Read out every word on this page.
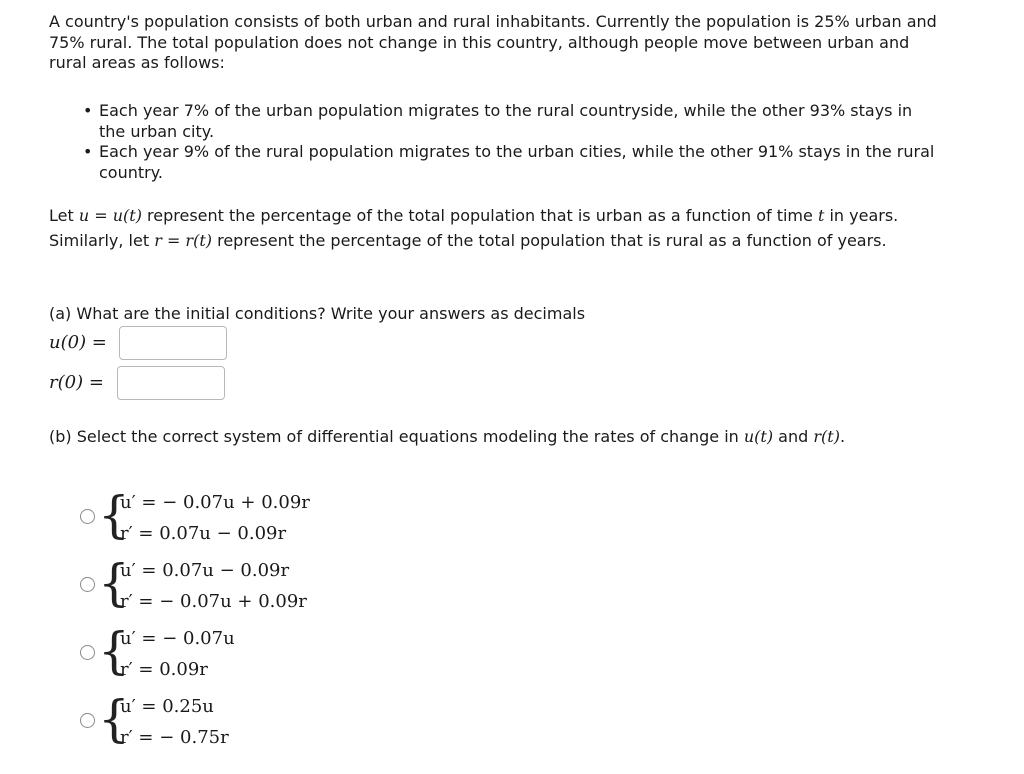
A country's population consists of both urban and rural inhabitants. Currently the population is 25% urban and 75% rural. The total population does not change in this country, although people move between urban and rural areas as follows:
• Each year 7% of the urban population migrates to the rural countryside, while the other 93% stays in the urban city.
• Each year 9% of the rural population migrates to the urban cities, while the other 91% stays in the rural country.
Let u = u(t) represent the percentage of the total population that is urban as a function of time t in years. Similarly, let r = r(t) represent the percentage of the total population that is rural as a function of years.
(a) What are the initial conditions? Write your answers as decimals
u(0) =
r(0) =
(b) Select the correct system of differential equations modeling the rates of change in u(t) and r(t).
{
u′ = − 0.07u + 0.09r
r′ = 0.07u − 0.09r
{
u′ = 0.07u − 0.09r
r′ = − 0.07u + 0.09r
{
u′ = − 0.07u
r′ = 0.09r
{
u′ = 0.25u
r′ = − 0.75r
